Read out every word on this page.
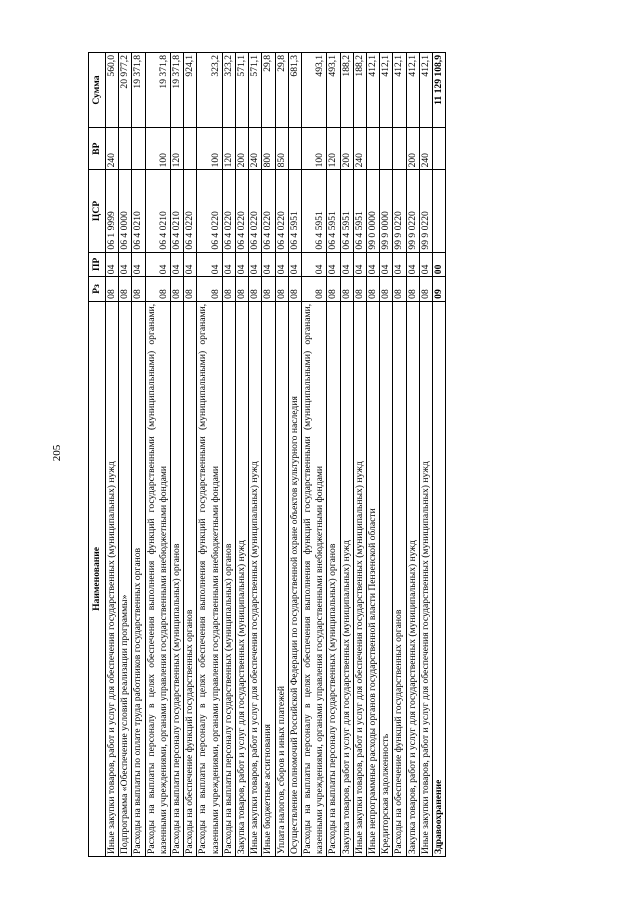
205
Наименование	Рз	ПР	ЦСР	ВР	Сумма
Иные закупки товаров, работ и услуг для обеспечения государственных (муниципальных) нужд	08	04	06 1 9999	240	560,0
Подпрограмма «Обеспечение условий реализации программы»	08	04	06 4 0000		20 977,2
Расходы на выплаты по оплате труда работников государственных органов	08	04	06 4 0210		19 371,8
Расходы на выплаты персоналу в целях обеспечения выполнения функций государственными (муниципальными) органами, казенными учреждениями, органами управления государственными внебюджетными фондами	08	04	06 4 0210	100	19 371,8
Расходы на выплаты персоналу государственных (муниципальных) органов	08	04	06 4 0210	120	19 371,8
Расходы на обеспечение функций государственных органов	08	04	06 4 0220		924,1
Расходы на выплаты персоналу в целях обеспечения выполнения функций государственными (муниципальными) органами, казенными учреждениями, органами управления государственными внебюджетными фондами	08	04	06 4 0220	100	323,2
Расходы на выплаты персоналу государственных (муниципальных) органов	08	04	06 4 0220	120	323,2
Закупка товаров, работ и услуг для государственных (муниципальных) нужд	08	04	06 4 0220	200	571,1
Иные закупки товаров, работ и услуг для обеспечения государственных (муниципальных) нужд	08	04	06 4 0220	240	571,1
Иные бюджетные ассигнования	08	04	06 4 0220	800	29,8
Уплата налогов, сборов и иных платежей	08	04	06 4 0220	850	29,8
Осуществление полномочий Российской Федерации по государственной охране объектов культурного наследия	08	04	06 4 5951		681,3
Расходы на выплаты персоналу в целях обеспечения выполнения функций государственными (муниципальными) органами, казенными учреждениями, органами управления государственными внебюджетными фондами	08	04	06 4 5951	100	493,1
Расходы на выплаты персоналу государственных (муниципальных) органов	08	04	06 4 5951	120	493,1
Закупка товаров, работ и услуг для государственных (муниципальных) нужд	08	04	06 4 5951	200	188,2
Иные закупки товаров, работ и услуг для обеспечения государственных (муниципальных) нужд	08	04	06 4 5951	240	188,2
Иные непрограммные расходы органов государственной власти Пензенской области	08	04	99 0 0000		412,1
Кредиторская задолженность	08	04	99 9 0000		412,1
Расходы на обеспечение функций государственных органов	08	04	99 9 0220		412,1
Закупка товаров, работ и услуг для государственных (муниципальных) нужд	08	04	99 9 0220	200	412,1
Иные закупки товаров, работ и услуг для обеспечения государственных (муниципальных) нужд	08	04	99 9 0220	240	412,1
Здравоохранение	09	00			11 129 108,9
